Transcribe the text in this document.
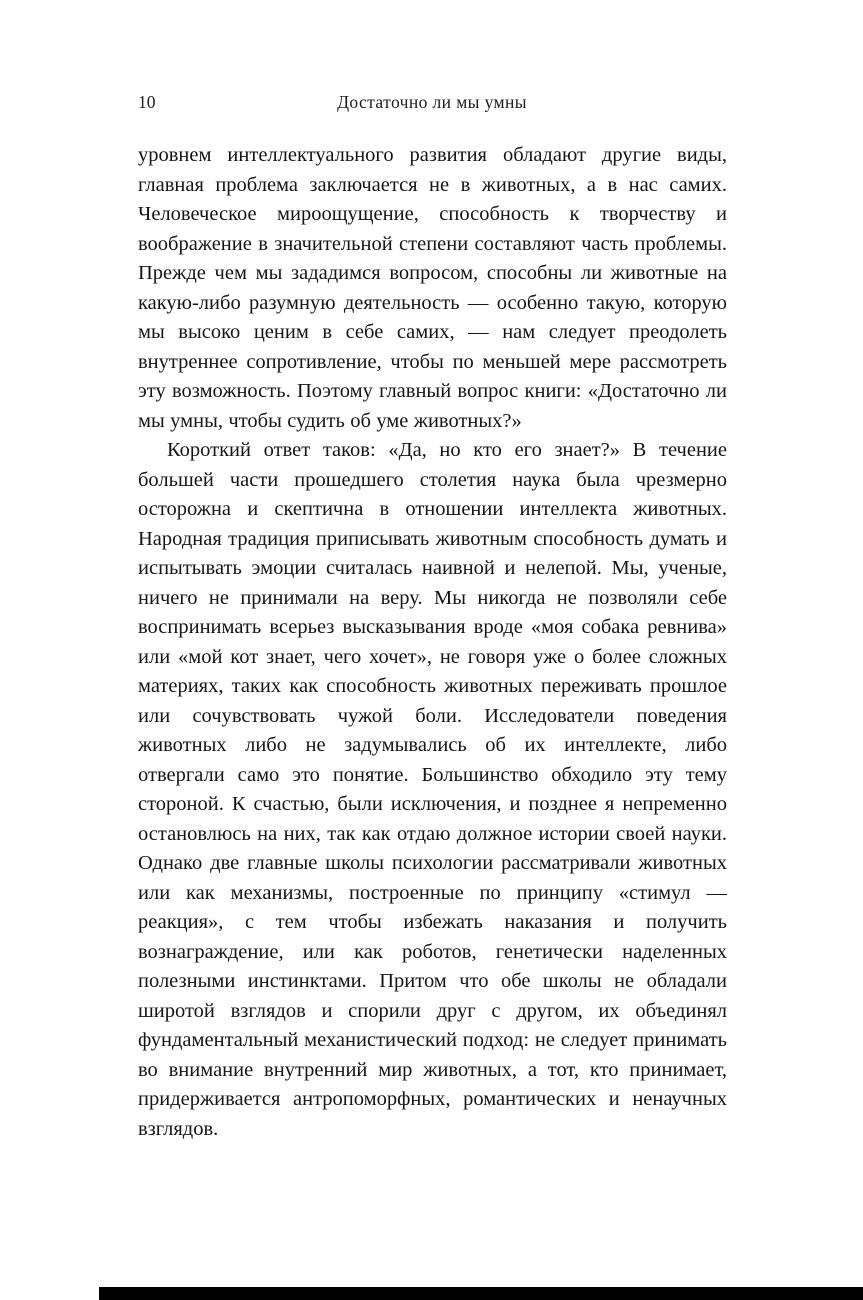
10	Достаточно ли мы умны

уровнем интеллектуального развития обладают другие виды, главная проблема заключается не в животных, а в нас самих. Человеческое мироощущение, способность к творчеству и воображение в значительной степени составляют часть проблемы. Прежде чем мы зададимся вопросом, способны ли животные на какую-либо разумную деятельность — особенно такую, которую мы высоко ценим в себе самих, — нам следует преодолеть внутреннее сопротивление, чтобы по меньшей мере рассмотреть эту возможность. Поэтому главный вопрос книги: «Достаточно ли мы умны, чтобы судить об уме животных?»

Короткий ответ таков: «Да, но кто его знает?» В течение большей части прошедшего столетия наука была чрезмерно осторожна и скептична в отношении интеллекта животных. Народная традиция приписывать животным способность думать и испытывать эмоции считалась наивной и нелепой. Мы, ученые, ничего не принимали на веру. Мы никогда не позволяли себе воспринимать всерьез высказывания вроде «моя собака ревнива» или «мой кот знает, чего хочет», не говоря уже о более сложных материях, таких как способность животных переживать прошлое или сочувствовать чужой боли. Исследователи поведения животных либо не задумывались об их интеллекте, либо отвергали само это понятие. Большинство обходило эту тему стороной. К счастью, были исключения, и позднее я непременно остановлюсь на них, так как отдаю должное истории своей науки. Однако две главные школы психологии рассматривали животных или как механизмы, построенные по принципу «стимул — реакция», с тем чтобы избежать наказания и получить вознаграждение, или как роботов, генетически наделенных полезными инстинктами. Притом что обе школы не обладали широтой взглядов и спорили друг с другом, их объединял фундаментальный механистический подход: не следует принимать во внимание внутренний мир животных, а тот, кто принимает, придерживается антропоморфных, романтических и ненаучных взглядов.
